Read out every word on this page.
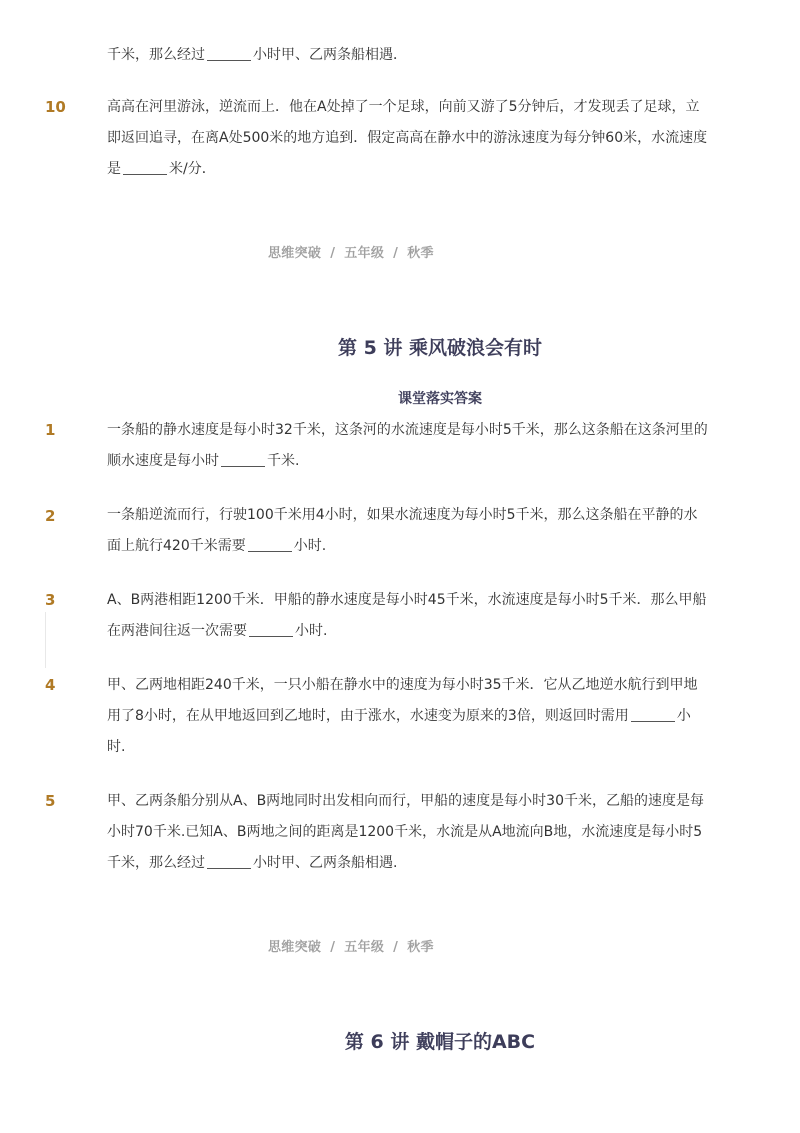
千米，那么经过	小时甲、乙两条船相遇．

10	高高在河里游泳，逆流而上．他在A处掉了一个足球，向前又游了5分钟后，才发现丢了足球，立
即返回追寻，在离A处500米的地方追到．假定高高在静水中的游泳速度为每分钟60米，水流速度
是	米/分．
思维突破 / 五年级 / 秋季
第 5 讲 乘风破浪会有时
课堂落实答案
1	一条船的静水速度是每小时32千米，这条河的水流速度是每小时5千米，那么这条船在这条河里的
顺水速度是每小时	千米.
2	一条船逆流而行，行驶100千米用4小时，如果水流速度为每小时5千米，那么这条船在平静的水
面上航行420千米需要	小时.
3	A、B两港相距1200千米．甲船的静水速度是每小时45千米，水流速度是每小时5千米．那么甲船
在两港间往返一次需要	小时.
4	甲、乙两地相距240千米，一只小船在静水中的速度为每小时35千米．它从乙地逆水航行到甲地
用了8小时，在从甲地返回到乙地时，由于涨水，水速变为原来的3倍，则返回时需用	小
时.
5	甲、乙两条船分别从A、B两地同时出发相向而行，甲船的速度是每小时30千米，乙船的速度是每
小时70千米.已知A、B两地之间的距离是1200千米，水流是从A地流向B地，水流速度是每小时5
千米，那么经过	小时甲、乙两条船相遇.
思维突破 / 五年级 / 秋季
第 6 讲 戴帽子的ABC
